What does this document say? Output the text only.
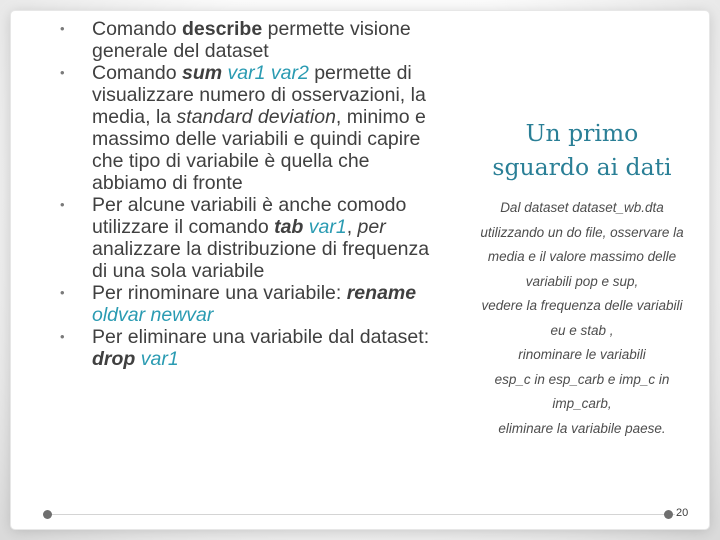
• Comando describe permette visione generale del dataset
• Comando sum var1 var2 permette di visualizzare numero di osservazioni, la media, la standard deviation, minimo e massimo delle variabili e quindi capire che tipo di variabile è quella che abbiamo di fronte
• Per alcune variabili è anche comodo utilizzare il comando tab var1, per analizzare la distribuzione di frequenza di una sola variabile
• Per rinominare una variabile: rename oldvar newvar
• Per eliminare una variabile dal dataset: drop var1
Un primo sguardo ai dati

Dal dataset dataset_wb.dta utilizzando un do file, osservare la media e il valore massimo delle variabili pop e sup,

vedere la frequenza delle variabili eu e stab ,

rinominare le variabili

esp_c in esp_carb e imp_c in imp_carb,

eliminare la variabile paese.

20
